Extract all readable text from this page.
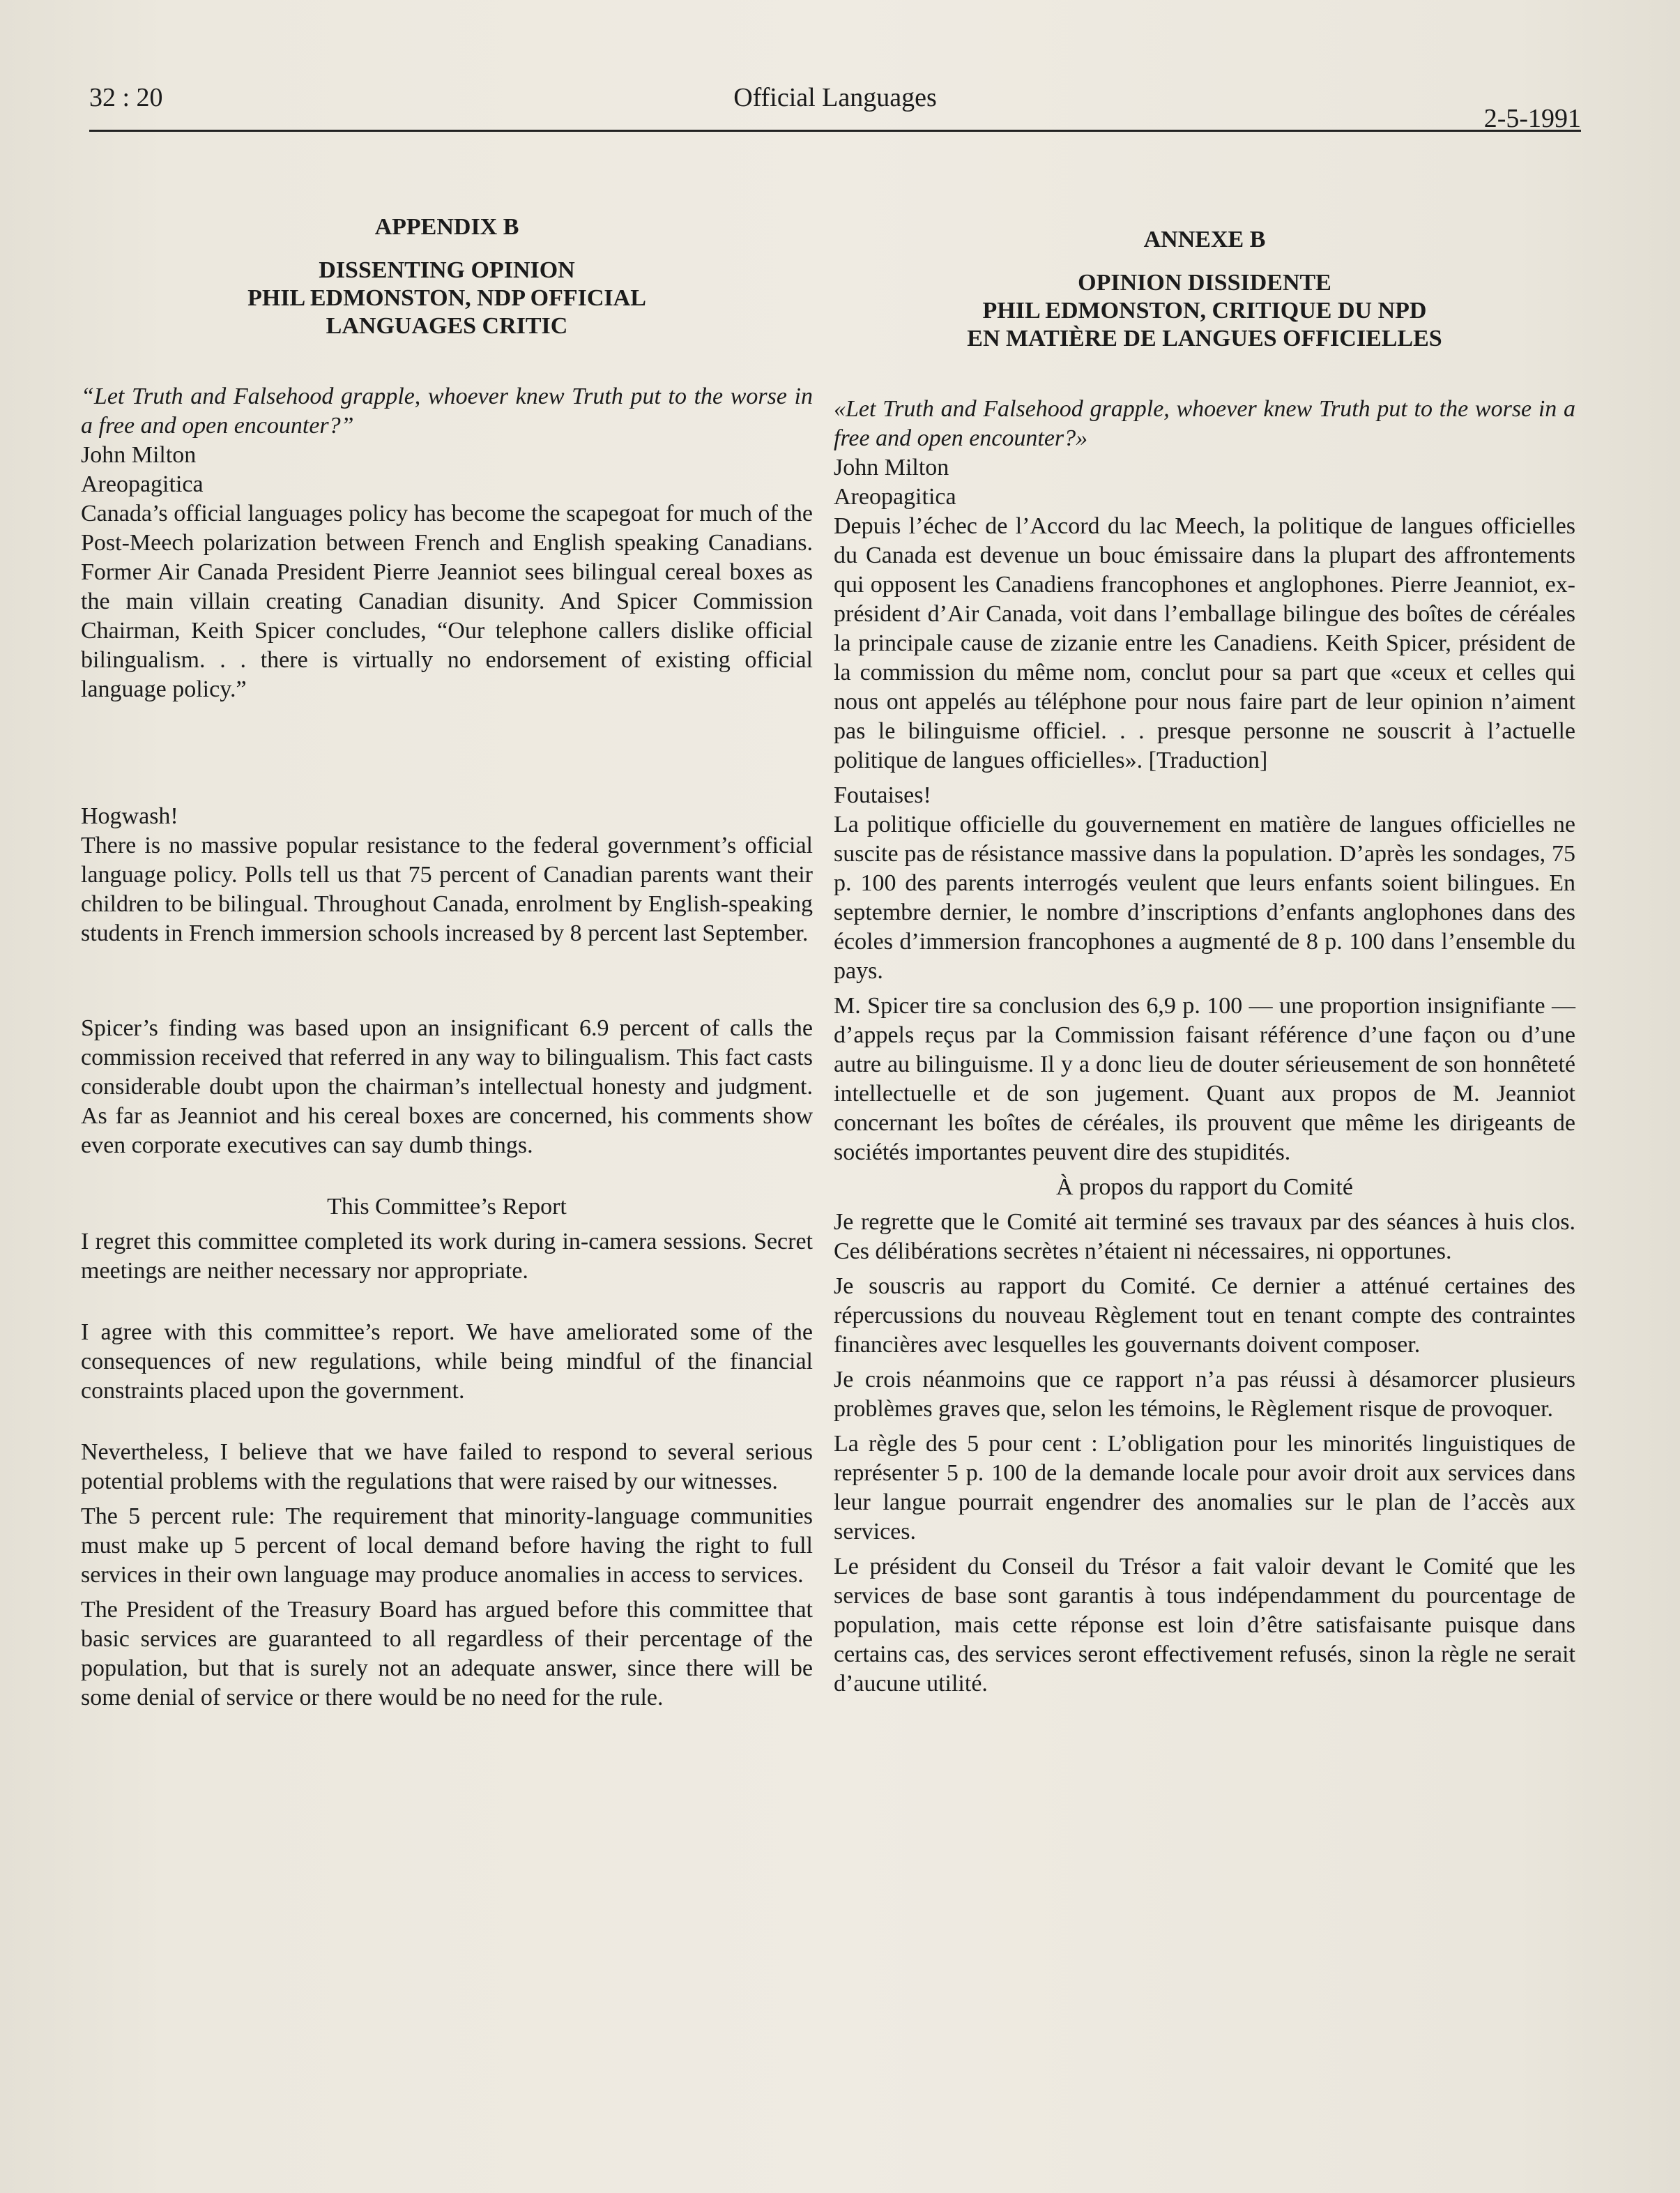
32 : 20	Official Languages
2-5-1991
APPENDIX B
DISSENTING OPINION
PHIL EDMONSTON, NDP OFFICIAL
LANGUAGES CRITIC

“Let Truth and Falsehood grapple, whoever knew Truth put to the worse in a free and open encounter?”

John Milton

Areopagitica

Canada’s official languages policy has become the scapegoat for much of the Post-Meech polarization between French and English speaking Canadians. Former Air Canada President Pierre Jeanniot sees bilingual cereal boxes as the main villain creating Canadian disunity. And Spicer Commission Chairman, Keith Spicer concludes, “Our telephone callers dislike official bilingualism. . . there is virtually no endorsement of existing official language policy.”

Hogwash!

There is no massive popular resistance to the federal government’s official language policy. Polls tell us that 75 percent of Canadian parents want their children to be bilingual. Throughout Canada, enrolment by English-speaking students in French immersion schools increased by 8 percent last September.

Spicer’s finding was based upon an insignificant 6.9 percent of calls the commission received that referred in any way to bilingualism. This fact casts considerable doubt upon the chairman’s intellectual honesty and judgment. As far as Jeanniot and his cereal boxes are concerned, his comments show even corporate executives can say dumb things.

This Committee’s Report

I regret this committee completed its work during in-camera sessions. Secret meetings are neither necessary nor appropriate.

I agree with this committee’s report. We have ameliorated some of the consequences of new regulations, while being mindful of the financial constraints placed upon the government.

Nevertheless, I believe that we have failed to respond to several serious potential problems with the regulations that were raised by our witnesses.

The 5 percent rule: The requirement that minority-language communities must make up 5 percent of local demand before having the right to full services in their own language may produce anomalies in access to services.

The President of the Treasury Board has argued before this committee that basic services are guaranteed to all regardless of their percentage of the population, but that is surely not an adequate answer, since there will be some denial of service or there would be no need for the rule.

ANNEXE B
OPINION DISSIDENTE
PHIL EDMONSTON, CRITIQUE DU NPD
EN MATIÈRE DE LANGUES OFFICIELLES

«Let Truth and Falsehood grapple, whoever knew Truth put to the worse in a free and open encounter?»

John Milton

Areopagitica

Depuis l’échec de l’Accord du lac Meech, la politique de langues officielles du Canada est devenue un bouc émissaire dans la plupart des affrontements qui opposent les Canadiens francophones et anglophones. Pierre Jeanniot, ex-président d’Air Canada, voit dans l’emballage bilingue des boîtes de céréales la principale cause de zizanie entre les Canadiens. Keith Spicer, président de la commission du même nom, conclut pour sa part que «ceux et celles qui nous ont appelés au téléphone pour nous faire part de leur opinion n’aiment pas le bilinguisme officiel. . . presque personne ne souscrit à l’actuelle politique de langues officielles». [Traduction]

Foutaises!

La politique officielle du gouvernement en matière de langues officielles ne suscite pas de résistance massive dans la population. D’après les sondages, 75 p. 100 des parents interrogés veulent que leurs enfants soient bilingues. En septembre dernier, le nombre d’inscriptions d’enfants anglophones dans des écoles d’immersion francophones a augmenté de 8 p. 100 dans l’ensemble du pays.

M. Spicer tire sa conclusion des 6,9 p. 100 — une proportion insignifiante — d’appels reçus par la Commission faisant référence d’une façon ou d’une autre au bilinguisme. Il y a donc lieu de douter sérieusement de son honnêteté intellectuelle et de son jugement. Quant aux propos de M. Jeanniot concernant les boîtes de céréales, ils prouvent que même les dirigeants de sociétés importantes peuvent dire des stupidités.

À propos du rapport du Comité

Je regrette que le Comité ait terminé ses travaux par des séances à huis clos. Ces délibérations secrètes n’étaient ni nécessaires, ni opportunes.

Je souscris au rapport du Comité. Ce dernier a atténué certaines des répercussions du nouveau Règlement tout en tenant compte des contraintes financières avec lesquelles les gouvernants doivent composer.

Je crois néanmoins que ce rapport n’a pas réussi à désamorcer plusieurs problèmes graves que, selon les témoins, le Règlement risque de provoquer.

La règle des 5 pour cent : L’obligation pour les minorités linguistiques de représenter 5 p. 100 de la demande locale pour avoir droit aux services dans leur langue pourrait engendrer des anomalies sur le plan de l’accès aux services.

Le président du Conseil du Trésor a fait valoir devant le Comité que les services de base sont garantis à tous indépendamment du pourcentage de population, mais cette réponse est loin d’être satisfaisante puisque dans certains cas, des services seront effectivement refusés, sinon la règle ne serait d’aucune utilité.
